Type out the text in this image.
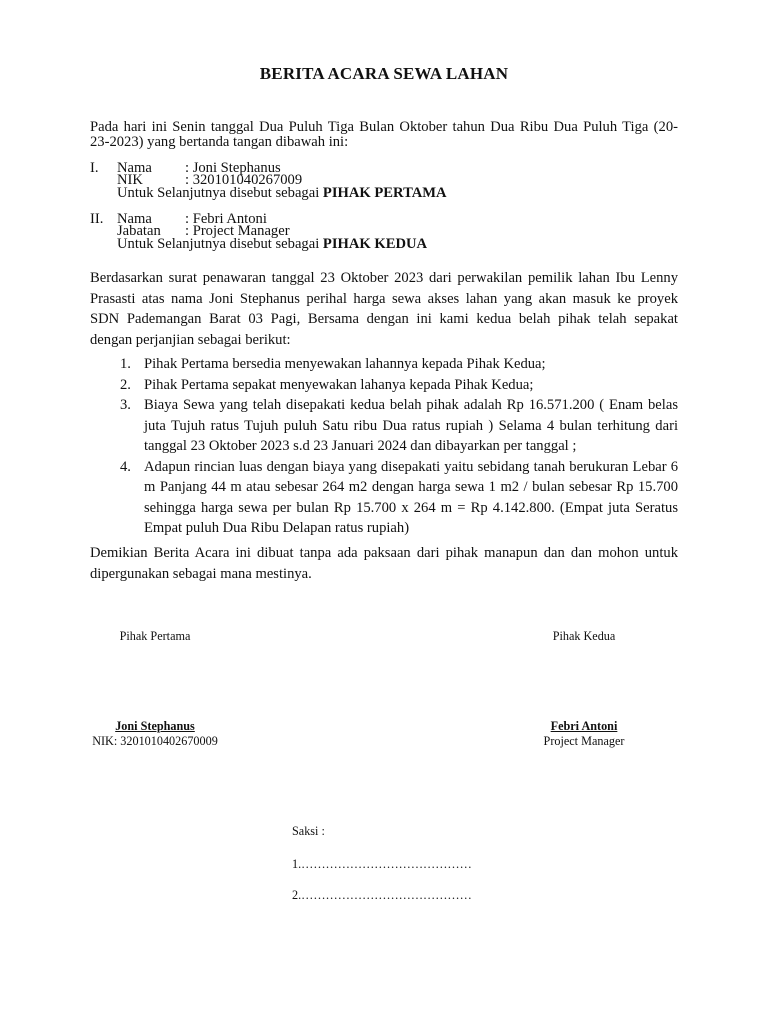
BERITA ACARA SEWA LAHAN
Pada hari ini Senin tanggal Dua Puluh Tiga Bulan Oktober tahun Dua Ribu Dua Puluh Tiga (20-
23-2023) yang bertanda tangan dibawah ini:
I. Nama : Joni Stephanus
NIK	: 320101040267009
Untuk Selanjutnya disebut sebagai PIHAK PERTAMA
II. Nama : Febri Antoni
Jabatan : Project Manager
Untuk Selanjutnya disebut sebagai PIHAK KEDUA
Berdasarkan surat penawaran tanggal 23 Oktober 2023 dari perwakilan pemilik lahan Ibu Lenny
Prasasti atas nama Joni Stephanus perihal harga sewa akses lahan yang akan masuk ke proyek
SDN Pademangan Barat 03 Pagi, Bersama dengan ini kami kedua belah pihak telah sepakat
dengan perjanjian sebagai berikut:
1. Pihak Pertama bersedia menyewakan lahannya kepada Pihak Kedua;
2. Pihak Pertama sepakat menyewakan lahanya kepada Pihak Kedua;
3. Biaya Sewa yang telah disepakati kedua belah pihak adalah Rp 16.571.200 ( Enam belas juta Tujuh ratus Tujuh puluh Satu ribu Dua ratus rupiah ) Selama 4 bulan terhitung dari tanggal 23 Oktober 2023 s.d 23 Januari 2024 dan dibayarkan per tanggal ;
4. Adapun rincian luas dengan biaya yang disepakati yaitu sebidang tanah berukuran Lebar 6 m Panjang 44 m atau sebesar 264 m2 dengan harga sewa 1 m2 / bulan sebesar Rp 15.700 sehingga harga sewa per bulan Rp 15.700 x 264 m = Rp 4.142.800. (Empat juta Seratus Empat puluh Dua Ribu Delapan ratus rupiah)
Demikian Berita Acara ini dibuat tanpa ada paksaan dari pihak manapun dan dan mohon untuk
dipergunakan sebagai mana mestinya.
Pihak Pertama	Pihak Kedua
Joni Stephanus
NIK: 3201010402670009
Febri Antoni
Project Manager
Saksi :
1.……………………………………
2.……………………………………
